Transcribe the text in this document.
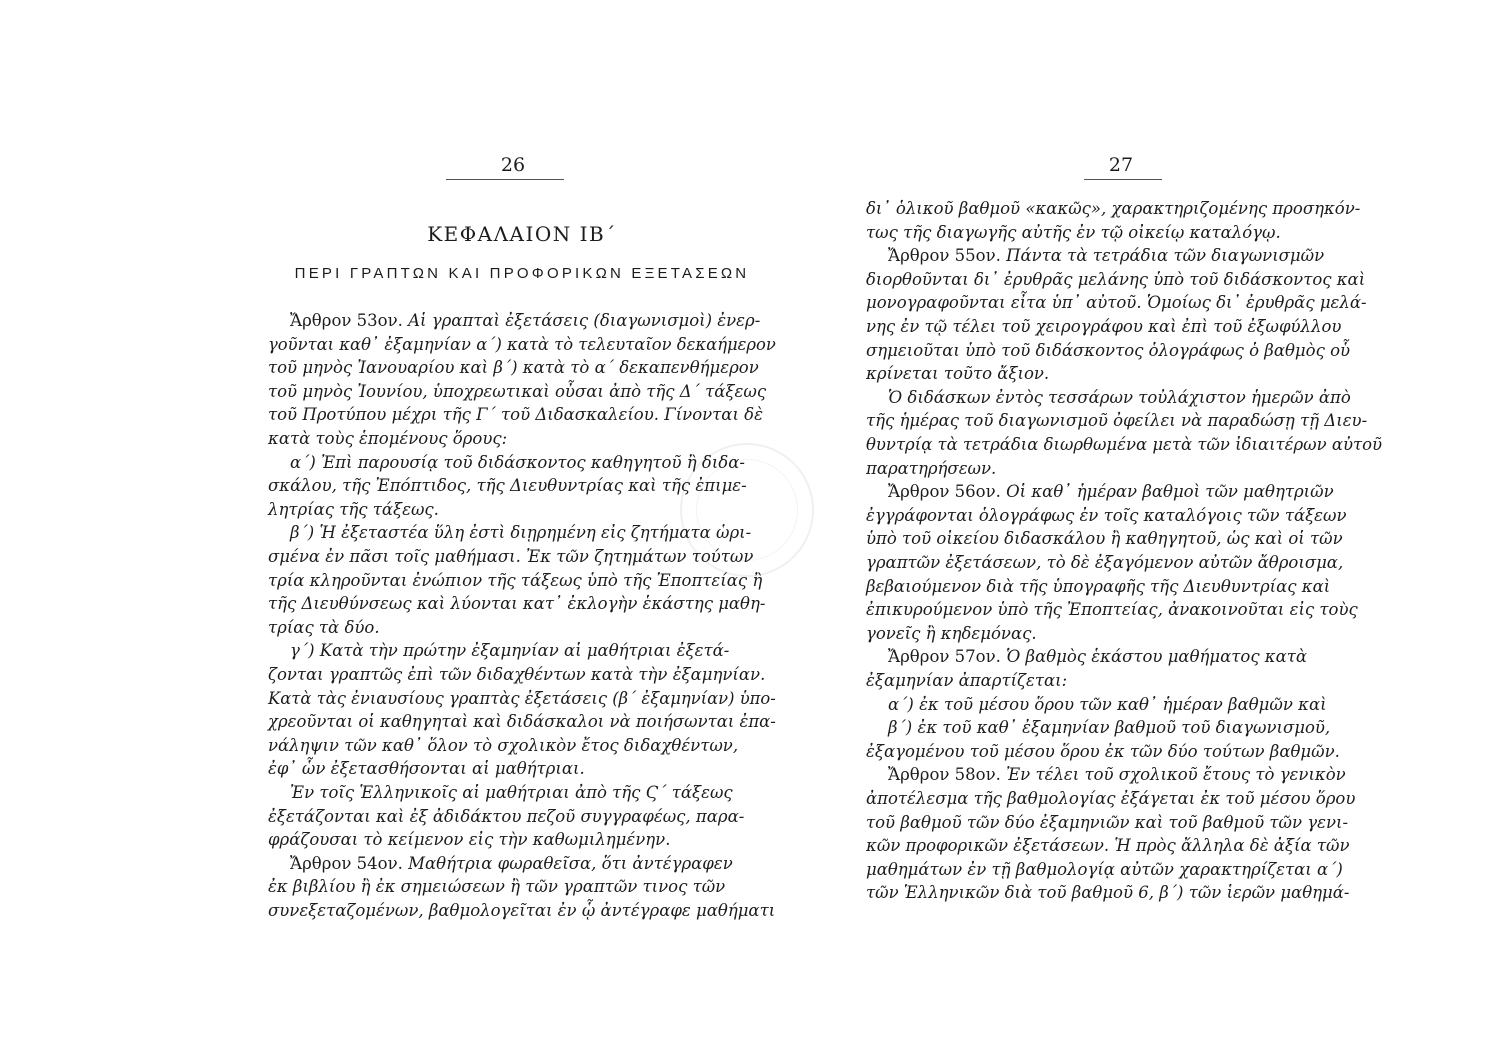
26
ΚΕΦΑΛΑΙΟΝ ΙΒ΄
ΠΕΡΙ ΓΡΑΠΤΩΝ ΚΑΙ ΠΡΟΦΟΡΙΚΩΝ ΕΞΕΤΑΣΕΩΝ
Ἄρθρον 53ον. Αἱ γραπταὶ ἐξετάσεις (διαγωνισμοὶ) ἐνερ-
γοῦνται καθ᾿ ἐξαμηνίαν α΄) κατὰ τὸ τελευταῖον δεκαήμερον
τοῦ μηνὸς Ἰανουαρίου καὶ β΄) κατὰ τὸ α΄ δεκαπενθήμερον
τοῦ μηνὸς Ἰουνίου, ὑποχρεωτικαὶ οὖσαι ἀπὸ τῆς Δ΄ τάξεως
τοῦ Προτύπου μέχρι τῆς Γ΄ τοῦ Διδασκαλείου. Γίνονται δὲ
κατὰ τοὺς ἑπομένους ὅρους:
α΄) Ἐπὶ παρουσίᾳ τοῦ διδάσκοντος καθηγητοῦ ἢ διδα-
σκάλου, τῆς Ἐπόπτιδος, τῆς Διευθυντρίας καὶ τῆς ἐπιμε-
λητρίας τῆς τάξεως.
β΄) Ἡ ἐξεταστέα ὕλη ἐστὶ διῃρημένη εἰς ζητήματα ὡρι-
σμένα ἐν πᾶσι τοῖς μαθήμασι. Ἐκ τῶν ζητημάτων τούτων
τρία κληροῦνται ἐνώπιον τῆς τάξεως ὑπὸ τῆς Ἐποπτείας ἢ
τῆς Διευθύνσεως καὶ λύονται κατ᾿ ἐκλογὴν ἑκάστης μαθη-
τρίας τὰ δύο.
γ΄) Κατὰ τὴν πρώτην ἐξαμηνίαν αἱ μαθήτριαι ἐξετά-
ζονται γραπτῶς ἐπὶ τῶν διδαχθέντων κατὰ τὴν ἐξαμηνίαν.
Κατὰ τὰς ἐνιαυσίους γραπτὰς ἐξετάσεις (β΄ ἐξαμηνίαν) ὑπο-
χρεοῦνται οἱ καθηγηταὶ καὶ διδάσκαλοι νὰ ποιήσωνται ἐπα-
νάληψιν τῶν καθ᾿ ὅλον τὸ σχολικὸν ἔτος διδαχθέντων,
ἐφ᾿ ὧν ἐξετασθήσονται αἱ μαθήτριαι.
Ἐν τοῖς Ἑλληνικοῖς αἱ μαθήτριαι ἀπὸ τῆς Ϛ΄ τάξεως
ἐξετάζονται καὶ ἐξ ἀδιδάκτου πεζοῦ συγγραφέως, παρα-
φράζουσαι τὸ κείμενον εἰς τὴν καθωμιλημένην.
Ἄρθρον 54ον. Μαθήτρια φωραθεῖσα, ὅτι ἀντέγραφεν
ἐκ βιβλίου ἢ ἐκ σημειώσεων ἢ τῶν γραπτῶν τινος τῶν
συνεξεταζομένων, βαθμολογεῖται ἐν ᾧ ἀντέγραφε μαθήματι
27
δι᾿ ὁλικοῦ βαθμοῦ «κακῶς», χαρακτηριζομένης προσηκόν-
τως τῆς διαγωγῆς αὐτῆς ἐν τῷ οἰκείῳ καταλόγῳ.
Ἄρθρον 55ον. Πάντα τὰ τετράδια τῶν διαγωνισμῶν
διορθοῦνται δι᾿ ἐρυθρᾶς μελάνης ὑπὸ τοῦ διδάσκοντος καὶ
μονογραφοῦνται εἶτα ὑπ᾿ αὐτοῦ. Ὁμοίως δι᾿ ἐρυθρᾶς μελά-
νης ἐν τῷ τέλει τοῦ χειρογράφου καὶ ἐπὶ τοῦ ἐξωφύλλου
σημειοῦται ὑπὸ τοῦ διδάσκοντος ὁλογράφως ὁ βαθμὸς οὗ
κρίνεται τοῦτο ἄξιον.
Ὁ διδάσκων ἐντὸς τεσσάρων τοὐλάχιστον ἡμερῶν ἀπὸ
τῆς ἡμέρας τοῦ διαγωνισμοῦ ὀφείλει νὰ παραδώσῃ τῇ Διευ-
θυντρίᾳ τὰ τετράδια διωρθωμένα μετὰ τῶν ἰδιαιτέρων αὐτοῦ
παρατηρήσεων.
Ἄρθρον 56ον. Οἱ καθ᾿ ἡμέραν βαθμοὶ τῶν μαθητριῶν
ἐγγράφονται ὁλογράφως ἐν τοῖς καταλόγοις τῶν τάξεων
ὑπὸ τοῦ οἰκείου διδασκάλου ἢ καθηγητοῦ, ὡς καὶ οἱ τῶν
γραπτῶν ἐξετάσεων, τὸ δὲ ἐξαγόμενον αὐτῶν ἄθροισμα,
βεβαιούμενον διὰ τῆς ὑπογραφῆς τῆς Διευθυντρίας καὶ
ἐπικυρούμενον ὑπὸ τῆς Ἐποπτείας, ἀνακοινοῦται εἰς τοὺς
γονεῖς ἢ κηδεμόνας.
Ἄρθρον 57ον. Ὁ βαθμὸς ἑκάστου μαθήματος κατὰ
ἐξαμηνίαν ἀπαρτίζεται:
α΄) ἐκ τοῦ μέσου ὅρου τῶν καθ᾿ ἡμέραν βαθμῶν καὶ
β΄) ἐκ τοῦ καθ᾿ ἐξαμηνίαν βαθμοῦ τοῦ διαγωνισμοῦ,
ἐξαγομένου τοῦ μέσου ὅρου ἐκ τῶν δύο τούτων βαθμῶν.
Ἄρθρον 58ον. Ἐν τέλει τοῦ σχολικοῦ ἔτους τὸ γενικὸν
ἀποτέλεσμα τῆς βαθμολογίας ἐξάγεται ἐκ τοῦ μέσου ὅρου
τοῦ βαθμοῦ τῶν δύο ἐξαμηνιῶν καὶ τοῦ βαθμοῦ τῶν γενι-
κῶν προφορικῶν ἐξετάσεων. Ἡ πρὸς ἄλληλα δὲ ἀξία τῶν
μαθημάτων ἐν τῇ βαθμολογίᾳ αὐτῶν χαρακτηρίζεται α΄)
τῶν Ἑλληνικῶν διὰ τοῦ βαθμοῦ 6, β΄) τῶν ἱερῶν μαθημά-
